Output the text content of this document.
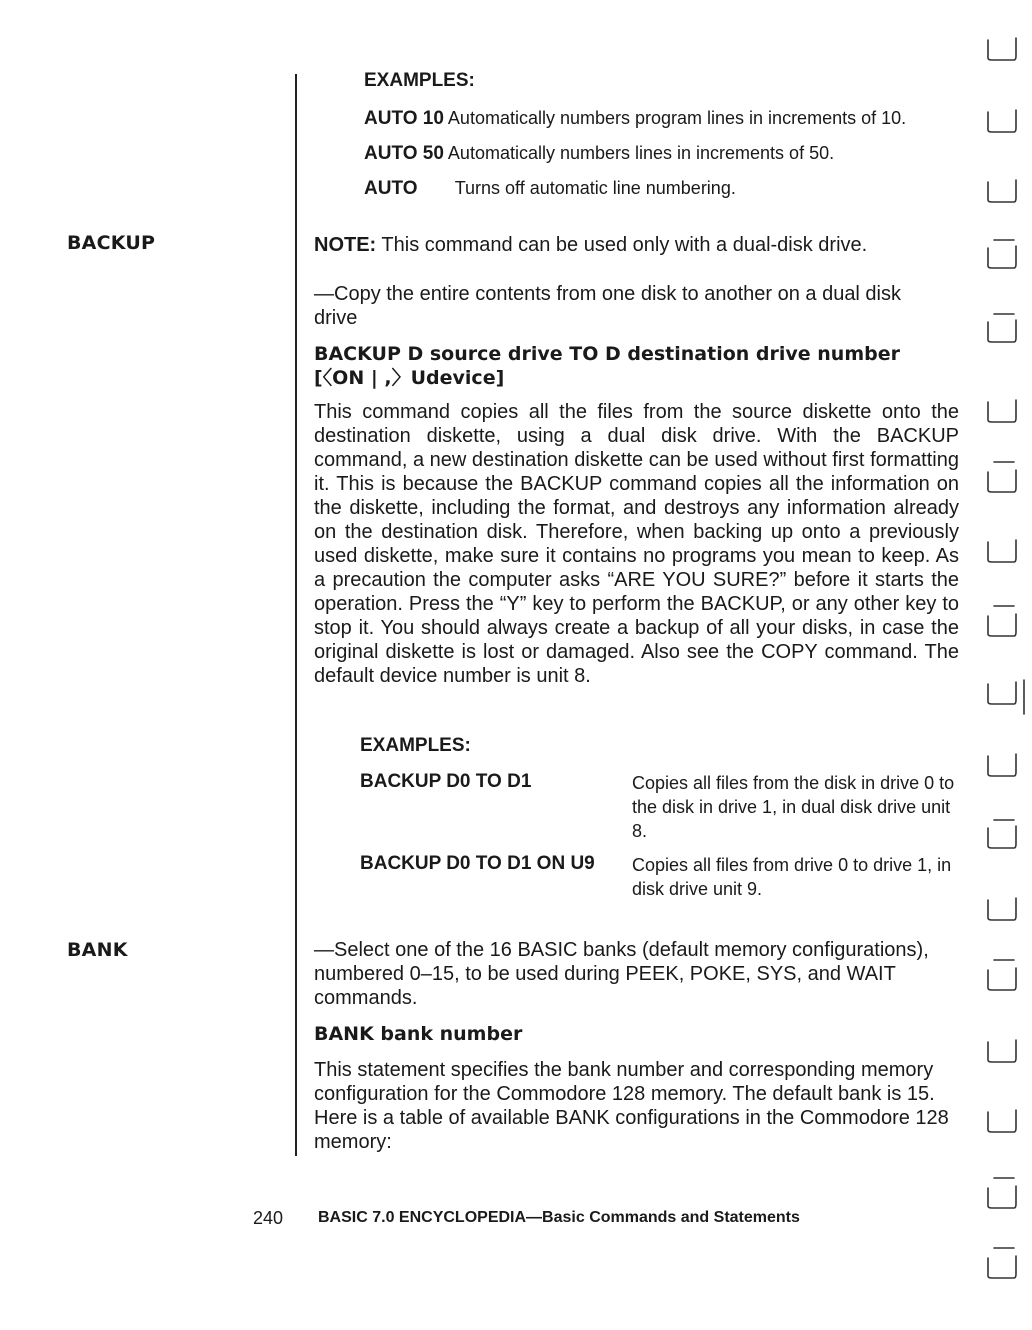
EXAMPLES:
AUTO 10 Automatically numbers program lines in increments of 10.
AUTO 50 Automatically numbers lines in increments of 50.
AUTO Turns off automatic line numbering.
BACKUP	NOTE: This command can be used only with a dual-disk drive.
—Copy the entire contents from one disk to another on a dual disk drive
BACKUP D source drive TO D destination drive number [〈ON | ,〉Udevice]
This command copies all the files from the source diskette onto the destination diskette, using a dual disk drive. With the BACKUP command, a new destination diskette can be used without first formatting it. This is because the BACKUP command copies all the information on the diskette, including the format, and destroys any information already on the destination disk. Therefore, when backing up onto a previously used diskette, make sure it contains no programs you mean to keep. As a precaution the computer asks “ARE YOU SURE?” before it starts the operation. Press the “Y” key to perform the BACKUP, or any other key to stop it. You should always create a backup of all your disks, in case the original diskette is lost or damaged. Also see the COPY command. The default device number is unit 8.
EXAMPLES:
BACKUP D0 TO D1	Copies all files from the disk in drive 0 to the disk in drive 1, in dual disk drive unit 8.
BACKUP D0 TO D1 ON U9 Copies all files from drive 0 to drive 1, in disk drive unit 9.
BANK	—Select one of the 16 BASIC banks (default memory configurations), numbered 0–15, to be used during PEEK, POKE, SYS, and WAIT commands.
BANK bank number
This statement specifies the bank number and corresponding memory configuration for the Commodore 128 memory. The default bank is 15. Here is a table of available BANK configurations in the Commodore 128 memory:
240 BASIC 7.0 ENCYCLOPEDIA—Basic Commands and Statements
